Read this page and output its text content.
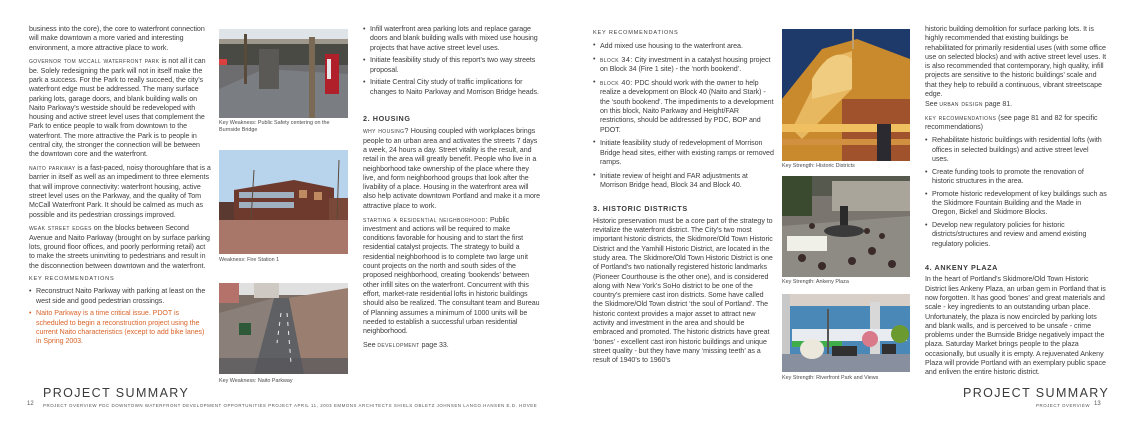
business into the core), the core to waterfront connection will make downtown a more varied and interesting environment, a more attractive place to work.

governor tom mccall waterfront park is not all it can be. Solely redesigning the park will not in itself make the park a success. For the Park to really succeed, the city’s waterfront edge must be addressed. The many surface parking lots, garage doors, and blank building walls on Naito Parkway’s westside should be redeveloped with housing and active street level uses that complement the Park to entice people to walk from downtown to the waterfront. The more attractive the Park is to people in central city, the stronger the connection will be between the downtown core and the waterfront.

naito parkway is a fast-paced, noisy thoroughfare that is a barrier in itself as well as an impediment to three elements that will improve connectivity: waterfront housing, active street level uses on the Parkway, and the quality of Tom McCall Waterfront Park. It should be calmed as much as possible and its pedestrian crossings improved.

weak street edges on the blocks between Second Avenue and Naito Parkway (brought on by surface parking lots, ground floor offices, and poorly performing retail) act to make the streets uninviting to pedestrians and result in the disconnection between downtown and the waterfront.

KEY RECOMMENDATIONS
• Reconstruct Naito Parkway with parking at least on the west side and good pedestrian crossings.
• Naito Parkway is a time critical issue. PDOT is scheduled to begin a reconstruction project using the current Naito characteristics (except to add bike lanes) in Spring 2003.
Key Weakness: Public Safety centering on the Burnside Bridge
Weakness: Fire Station 1
Key Weakness: Naito Parkway
• Infill waterfront area parking lots and replace garage doors and blank building walls with mixed use housing projects that have active street level uses.
• Initiate feasibility study of this report’s two way streets proposal.
• Initiate Central City study of traffic implications for changes to Naito Parkway and Morrison Bridge heads.
2. HOUSING

why housing? Housing coupled with workplaces brings people to an urban area and activates the streets 7 days a week, 24 hours a day. Street vitality is the result, and retail in the area will greatly benefit. People who live in a neighborhood take ownership of the place where they live, and form neighborhood groups that look after the livability of a place. Housing in the waterfront area will also help activate downtown Portland and make it a more attractive place to work.

starting a residential neighborhood: Public investment and actions will be required to make conditions favorable for housing and to start the first residential catalyst projects. The strategy to build a residential neighborhood is to complete two large unit count projects on the north and south sides of the proposed neighborhood, creating ‘bookends’ between other infill sites on the waterfront. Concurrent with this effort, market-rate residential lofts in historic buildings should also be realized. The consultant team and Bureau of Planning assumes a minimum of 1000 units will be needed to establish a successful urban residential neighborhood.

See development page 33.

PROJECT SUMMARY
12 PROJECT OVERVIEW PDC DOWNTOWN WATERFRONT DEVELOPMENT OPPORTUNITIES PROJECT APRIL 11, 2003 EMMONS ARCHITECTS SHIELS OBLETZ JOHNSEN LANGO.HANSEN E.D. HOVEE
KEY RECOMMENDATIONS
• Add mixed use housing to the waterfront area.
• block 34: City investment in a catalyst housing project on Block 34 (Fire 1 site) - the ‘north bookend’.
• block 40: PDC should work with the owner to help realize a development on Block 40 (Naito and Stark) - the ‘south bookend’. The impediments to a development on this block, Naito Parkway and Height/FAR restrictions, should be addressed by PDC, BOP and PDOT.
• Initiate feasibility study of redevelopment of Morrison Bridge head sites, either with existing ramps or removed ramps.
• Initiate review of height and FAR adjustments at Morrison Bridge head, Block 34 and Block 40.
3. HISTORIC DISTRICTS

Historic preservation must be a core part of the strategy to revitalize the waterfront district. The City’s two most important historic districts, the Skidmore/Old Town Historic District and the Yamhill Historic District, are located in the study area. The Skidmore/Old Town Historic District is one of Portland’s two nationally registered historic landmarks (Pioneer Courthouse is the other one), and is considered along with New York’s SoHo district to be one of the country’s premiere cast iron districts. Some have called the Skidmore/Old Town district ‘the soul of Portland’. The historic context provides a major asset to attract new activity and investment in the area and should be embraced and promoted. The historic districts have great ‘bones’ - excellent cast iron historic buildings and unique street quality - but they have many ‘missing teeth’ as a result of 1940’s to 1960’s

Key Strength: Historic Districts
Key Strength: Ankeny Plaza
Key Strength: Riverfront Park and Views

historic building demolition for surface parking lots. It is highly recommended that existing buildings be rehabilitated for primarily residential uses (with some office use on selected blocks) and with active street level uses. It is also recommended that contemporary, high quality, infill projects are sensitive to the historic buildings’ scale and that they help to rebuild a continuous, vibrant streetscape edge.

See urban design page 81.

key recommendations (see page 81 and 82 for specific recommendations)

• Rehabilitate historic buildings with residential lofts (with offices in selected buildings) and active street level uses.
• Create funding tools to promote the renovation of historic structures in the area.
• Promote historic redevelopment of key buildings such as the Skidmore Fountain Building and the Made in Oregon, Bickel and Skidmore Blocks.
• Develop new regulatory policies for historic districts/structures and review and amend existing regulatory policies.
4. ANKENY PLAZA

In the heart of Portland’s Skidmore/Old Town Historic District lies Ankeny Plaza, an urban gem in Portland that is now forgotten. It has good ‘bones’ and great materials and scale - key ingredients to an outstanding urban place. Unfortunately, the plaza is now encircled by parking lots and blank walls, and is perceived to be unsafe - crime problems under the Burnside Bridge negatively impact the plaza. Saturday Market brings people to the plaza occasionally, but usually it is empty. A rejuvenated Ankeny Plaza will provide Portland with an exemplary public space and enliven the entire historic district.

PROJECT SUMMARY
PROJECT OVERVIEW 13
